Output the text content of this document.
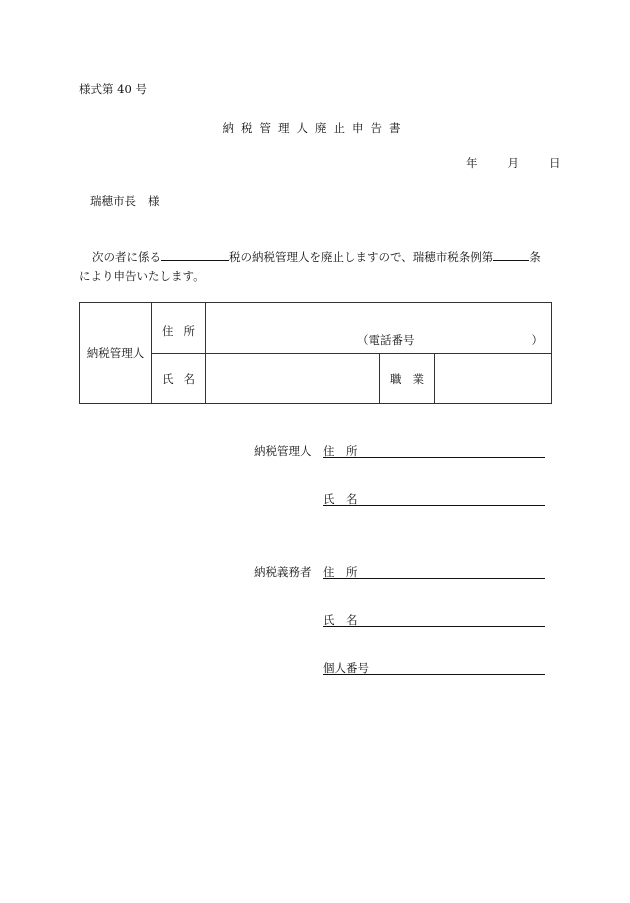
様式第 40 号
納税管理人廃止申告書
年	月	日
瑞穂市長 様
次の者に係る	税の納税管理人を廃止しますので、瑞穂市税条例第	条
により申告いたします。
納税管理人	住 所	（電話番号 ）		

	氏 名		職 業	

納税管理人 住　所
氏　名
納税義務者 住　所
氏　名
個人番号
